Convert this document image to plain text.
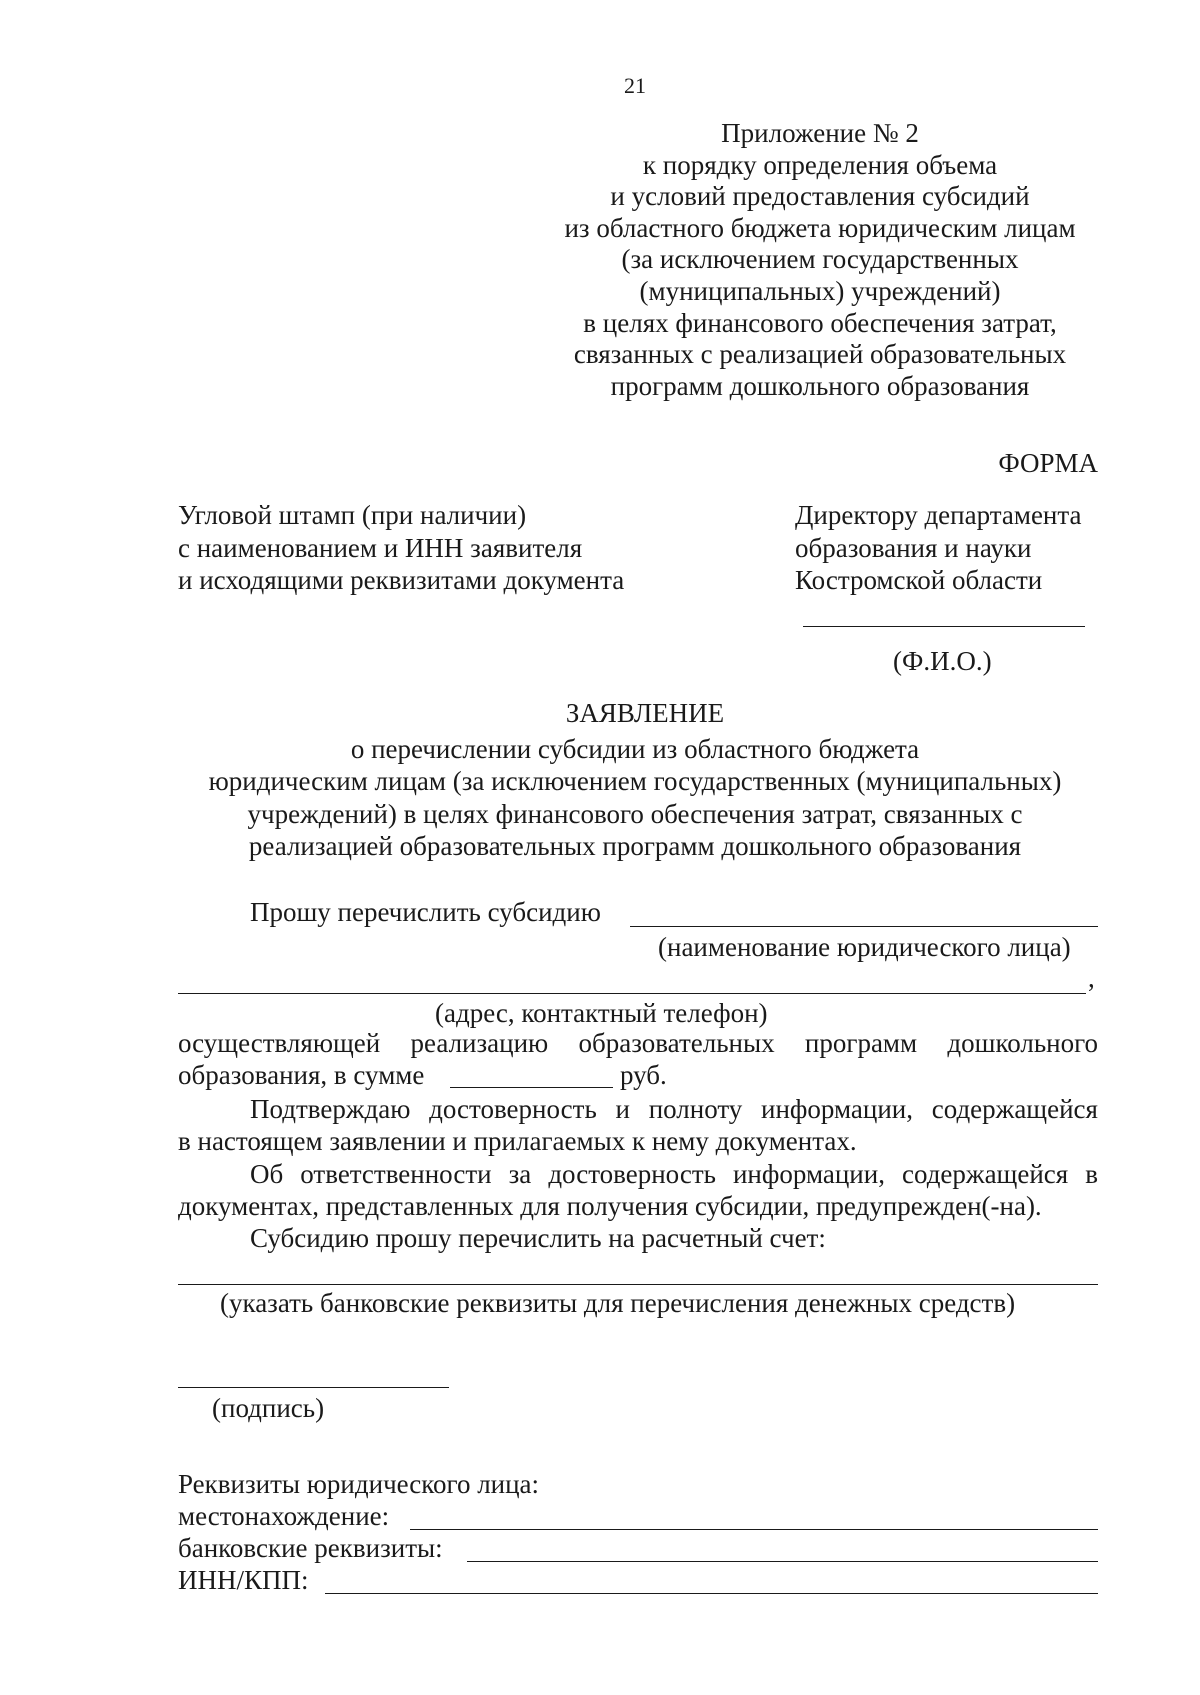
21
Приложение № 2
к порядку определения объема
и условий предоставления субсидий
из областного бюджета юридическим лицам
(за исключением государственных
(муниципальных) учреждений)
в целях финансового обеспечения затрат,
связанных с реализацией образовательных
программ дошкольного образования
ФОРМА
Угловой штамп (при наличии)
с наименованием и ИНН заявителя
и исходящими реквизитами документа
Директору департамента
образования и науки
Костромской области
(Ф.И.О.)
ЗАЯВЛЕНИЕ
о перечислении субсидии из областного бюджета
юридическим лицам (за исключением государственных (муниципальных)
учреждений) в целях финансового обеспечения затрат, связанных с
реализацией образовательных программ дошкольного образования
Прошу перечислить субсидию
(наименование юридического лица)
,
(адрес, контактный телефон)
осуществляющей реализацию образовательных программ дошкольного
образования, в сумме	руб.
Подтверждаю достоверность и полноту информации, содержащейся
в настоящем заявлении и прилагаемых к нему документах.
Об ответственности за достоверность информации, содержащейся в
документах, представленных для получения субсидии, предупрежден(-на).
Субсидию прошу перечислить на расчетный счет:
(указать банковские реквизиты для перечисления денежных средств)
(подпись)
Реквизиты юридического лица:
местонахождение:
банковские реквизиты:
ИНН/КПП:
